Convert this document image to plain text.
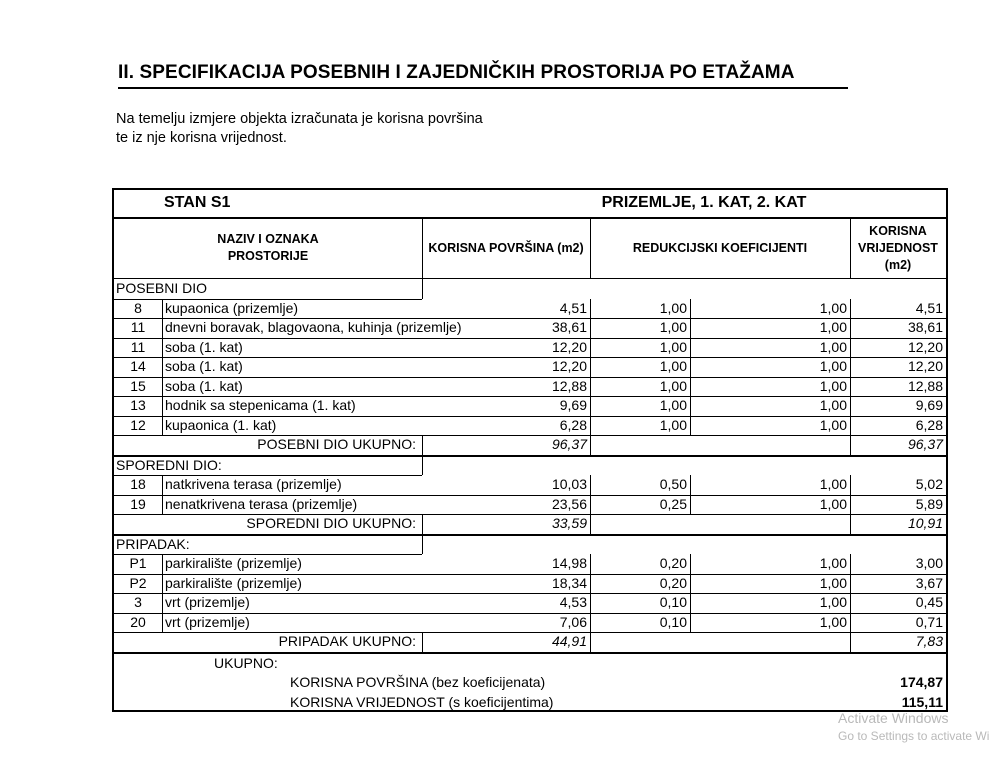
II. SPECIFIKACIJA POSEBNIH I ZAJEDNIČKIH PROSTORIJA PO ETAŽAMA
Na temelju izmjere objekta izračunata je korisna površina
te iz nje korisna vrijednost.
STAN S1	PRIZEMLJE, 1. KAT, 2. KAT
NAZIV I OZNAKA
PROSTORIJE
KORISNA POVRŠINA (m2)	REDUKCIJSKI KOEFICIJENTI
KORISNA
VRIJEDNOST
(m2)
POSEBNI DIO
8	kupaonica (prizemlje)	4,51	1,00	1,00	4,51
11	dnevni boravak, blagovaona, kuhinja (prizemlje)	38,61	1,00	1,00	38,61
11	soba (1. kat)	12,20	1,00	1,00	12,20
14	soba (1. kat)	12,20	1,00	1,00	12,20
15	soba (1. kat)	12,88	1,00	1,00	12,88
13	hodnik sa stepenicama (1. kat)	9,69	1,00	1,00	9,69
12	kupaonica (1. kat)	6,28	1,00	1,00	6,28
POSEBNI DIO UKUPNO:	96,37	96,37
SPOREDNI DIO:
18	natkrivena terasa (prizemlje)	10,03	0,50	1,00	5,02
19	nenatkrivena terasa (prizemlje)	23,56	0,25	1,00	5,89
SPOREDNI DIO UKUPNO:	33,59	10,91
PRIPADAK:
P1	parkiralište (prizemlje)	14,98	0,20	1,00	3,00
P2	parkiralište (prizemlje)	18,34	0,20	1,00	3,67
3	vrt (prizemlje)	4,53	0,10	1,00	0,45
20	vrt (prizemlje)	7,06	0,10	1,00	0,71
PRIPADAK UKUPNO:	44,91	7,83
UKUPNO:
KORISNA POVRŠINA (bez koeficijenata)	174,87
KORISNA VRIJEDNOST (s koeficijentima)	115,11
Activate Windows
Go to Settings to activate Wi
